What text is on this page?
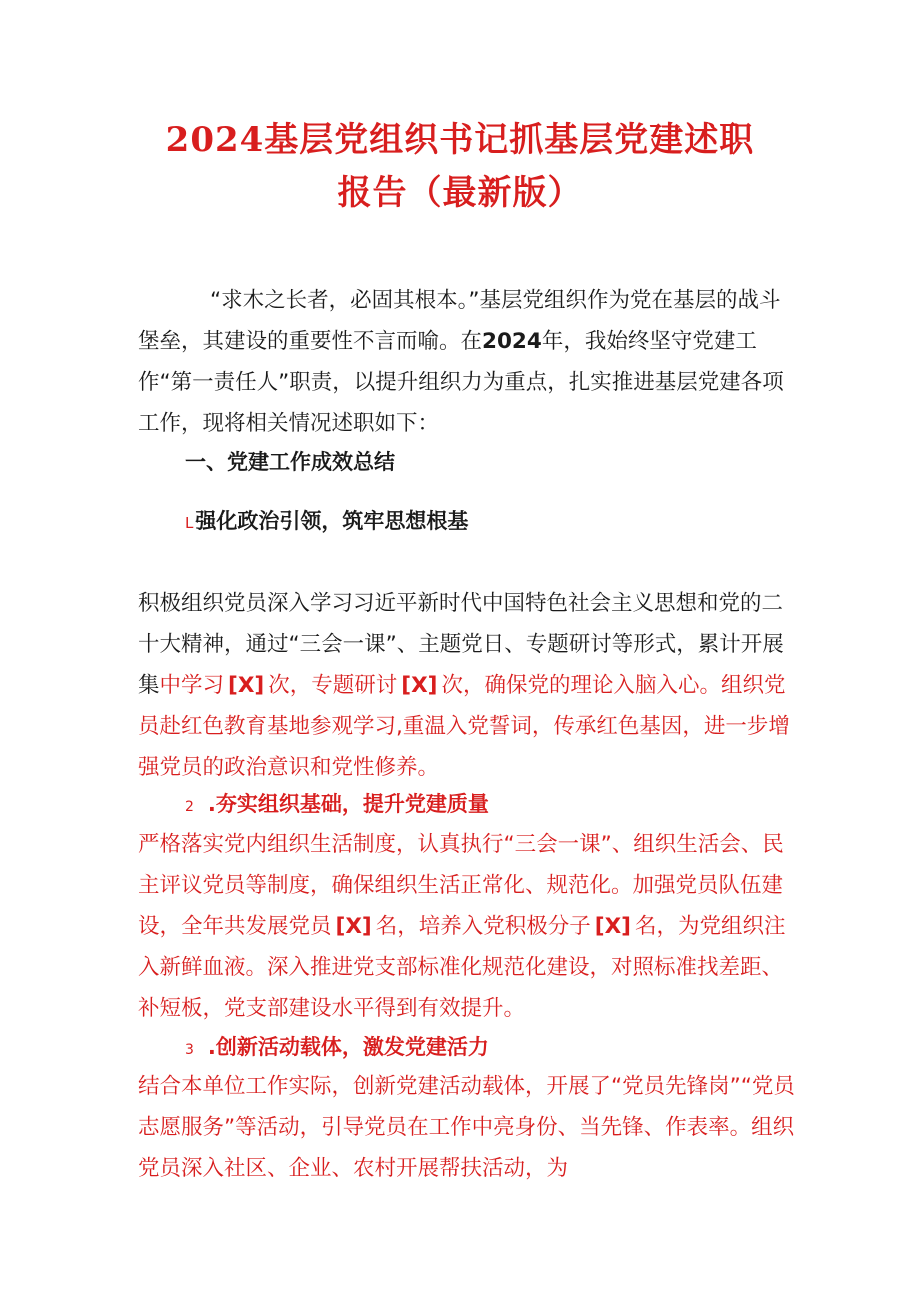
2024基层党组织书记抓基层党建述职
报告（最新版）

“求木之长者，必固其根本。”基层党组织作为党在基层的战斗堡垒，其建设的重要性不言而喻。在2024年，我始终坚守党建工作“第一责任人”职责，以提升组织力为重点，扎实推进基层党建各项工作，现将相关情况述职如下：

一、党建工作成效总结
L强化政治引领，筑牢思想根基

积极组织党员深入学习习近平新时代中国特色社会主义思想和党的二十大精神，通过“三会一课”、主题党日、专题研讨等形式，累计开展集中学习 [X] 次，专题研讨 [X] 次，确保党的理论入脑入心。组织党员赴红色教育基地参观学习,重温入党誓词，传承红色基因，进一步增强党员的政治意识和党性修养。

2 .夯实组织基础，提升党建质量

严格落实党内组织生活制度，认真执行“三会一课”、组织生活会、民主评议党员等制度，确保组织生活正常化、规范化。加强党员队伍建设，全年共发展党员 [X] 名，培养入党积极分子 [X] 名，为党组织注入新鲜血液。深入推进党支部标准化规范化建设，对照标准找差距、补短板，党支部建设水平得到有效提升。

3 .创新活动载体，激发党建活力

结合本单位工作实际，创新党建活动载体，开展了“党员先锋岗”“党员志愿服务”等活动，引导党员在工作中亮身份、当先锋、作表率。组织党员深入社区、企业、农村开展帮扶活动，为
